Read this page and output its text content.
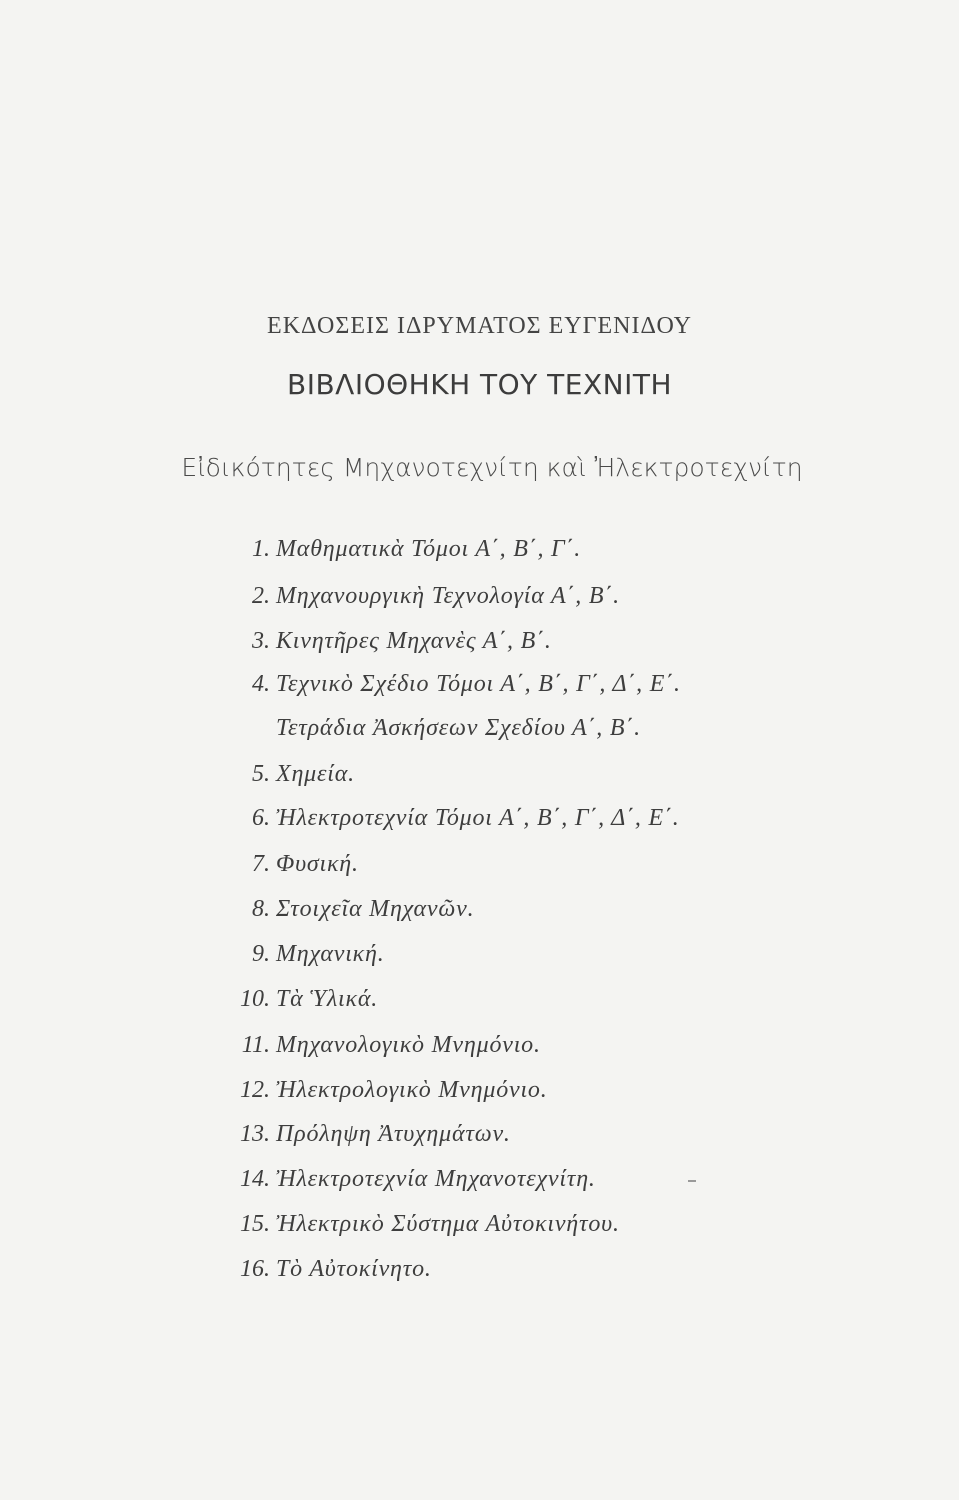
ΕΚΔΟΣΕΙΣ ΙΔΡΥΜΑΤΟΣ ΕΥΓΕΝΙΔΟΥ
ΒΙΒΛΙΟΘΗΚΗ ΤΟΥ ΤΕΧΝΙΤΗ
Εἰδικότητες Μηχανοτεχνίτη καὶ Ἠλεκτροτεχνίτη
1. Μαθηματικὰ Τόμοι Α΄, Β΄, Γ΄.
2. Μηχανουργικὴ Τεχνολογία Α΄, Β΄.
3. Κινητῆρες Μηχανὲς Α΄, Β΄.
4. Τεχνικὸ Σχέδιο Τόμοι Α΄, Β΄, Γ΄, Δ΄, Ε΄.
Τετράδια Ἀσκήσεων Σχεδίου Α΄, Β΄.
5. Χημεία.
6. Ἠλεκτροτεχνία Τόμοι Α΄, Β΄, Γ΄, Δ΄, Ε΄.
7. Φυσική.
8. Στοιχεῖα Μηχανῶν.
9. Μηχανική.
10. Τὰ Ὑλικά.
11. Μηχανολογικὸ Μνημόνιο.
12. Ἠλεκτρολογικὸ Μνημόνιο.
13. Πρόληψη Ἀτυχημάτων.
14. Ἠλεκτροτεχνία Μηχανοτεχνίτη.
15. Ἠλεκτρικὸ Σύστημα Αὐτοκινήτου.
16. Τὸ Αὐτοκίνητο.
